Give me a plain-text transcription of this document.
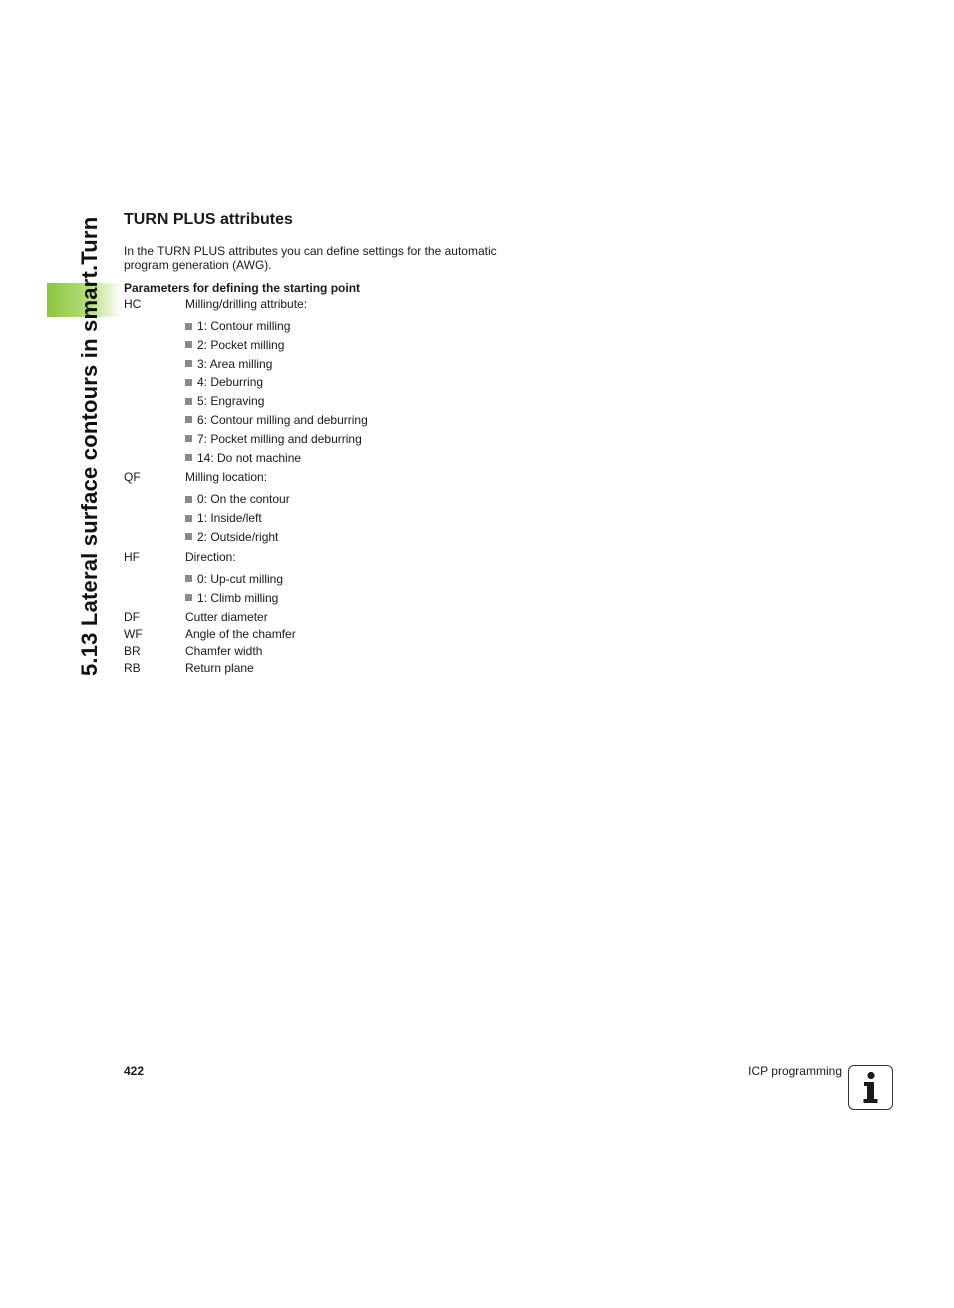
5.13 Lateral surface contours in smart.Turn TURN PLUS attributes

In the TURN PLUS attributes you can define settings for the automatic program generation (AWG).

Parameters for defining the starting point

HC	Milling/drilling attribute:
1: Contour milling
2: Pocket milling
3: Area milling
4: Deburring
5: Engraving
6: Contour milling and deburring
7: Pocket milling and deburring
14: Do not machine
QF	Milling location:
0: On the contour
1: Inside/left
2: Outside/right
HF	Direction:
0: Up-cut milling
1: Climb milling
DF	Cutter diameter
WF	Angle of the chamfer
BR	Chamfer width
RB	Return plane
422	ICP programming
